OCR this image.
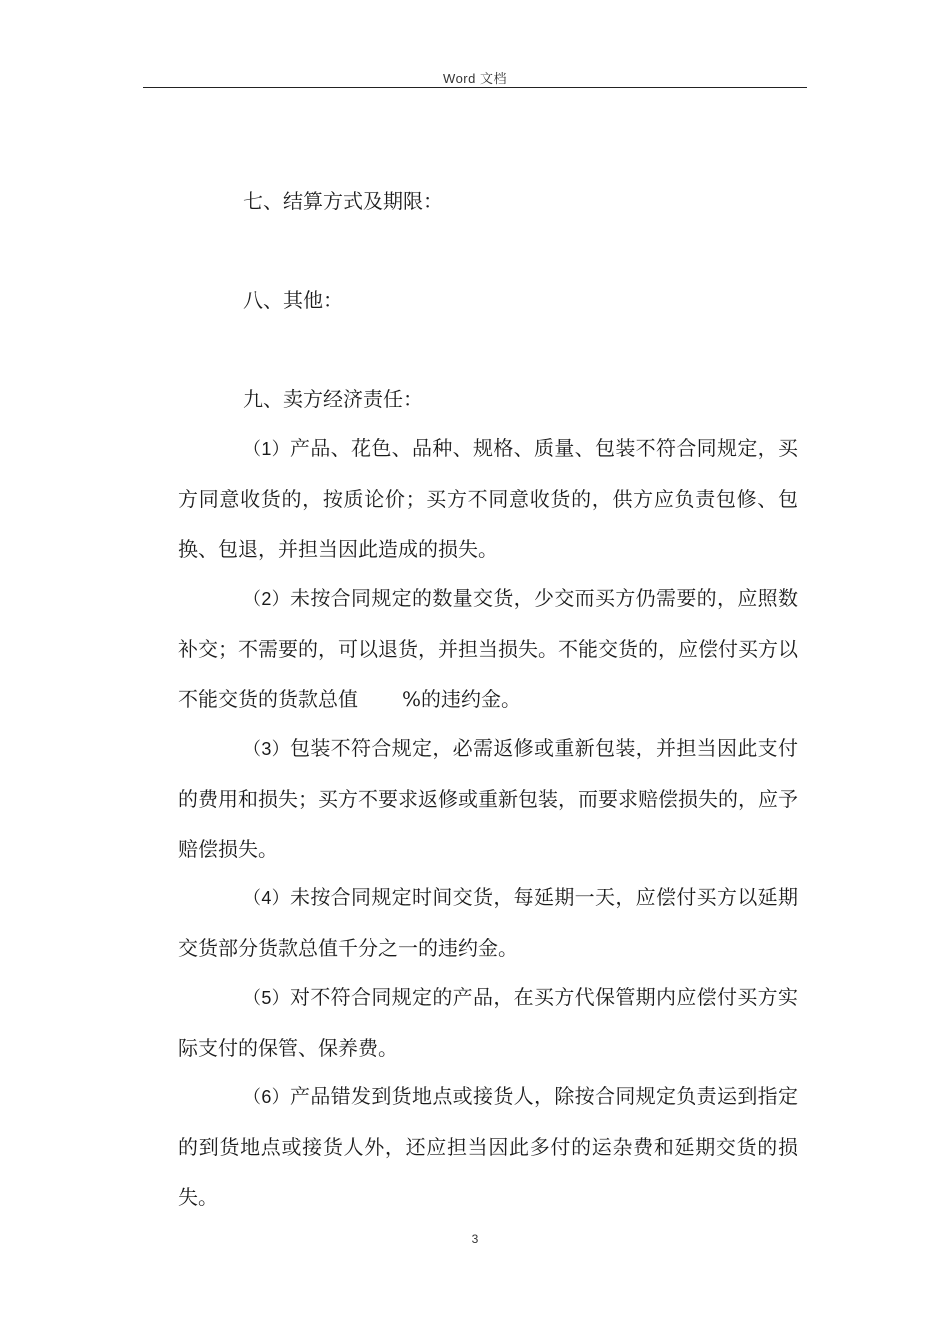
Word 文档
七、结算方式及期限：
八、其他：
九、卖方经济责任：

（1）产品、花色、品种、规格、质量、包装不符合同规定，买方同意收货的，按质论价；买方不同意收货的，供方应负责包修、包换、包退，并担当因此造成的损失。

（2）未按合同规定的数量交货，少交而买方仍需要的，应照数补交；不需要的，可以退货，并担当损失。不能交货的，应偿付买方以不能交货的货款总值 %的违约金。

（3）包装不符合规定，必需返修或重新包装，并担当因此支付的费用和损失；买方不要求返修或重新包装，而要求赔偿损失的，应予赔偿损失。

（4）未按合同规定时间交货，每延期一天，应偿付买方以延期交货部分货款总值千分之一的违约金。

（5）对不符合同规定的产品，在买方代保管期内应偿付买方实际支付的保管、保养费。

（6）产品错发到货地点或接货人，除按合同规定负责运到指定的到货地点或接货人外，还应担当因此多付的运杂费和延期交货的损失。

3
